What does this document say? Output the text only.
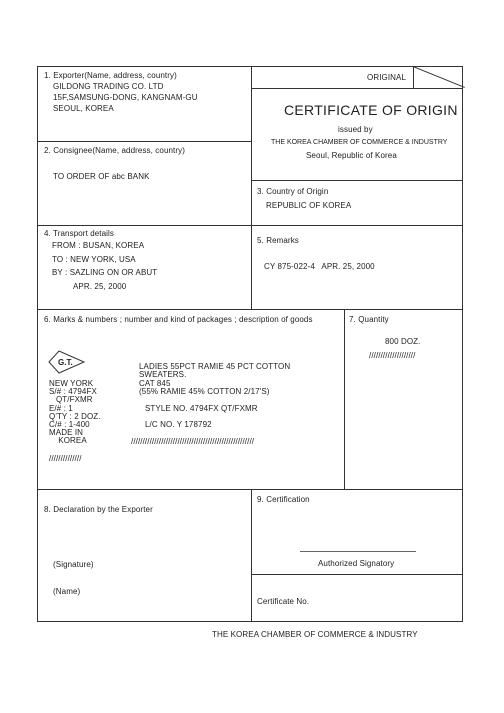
1. Exporter(Name, address, country)
GILDONG TRADING CO. LTD
15F,SAMSUNG-DONG, KANGNAM-GU
SEOUL, KOREA
ORIGINAL
CERTIFICATE OF ORIGIN
issued by
THE KOREA CHAMBER OF COMMERCE & INDUSTRY
Seoul, Republic of Korea
2. Consignee(Name, address, country)
TO ORDER OF abc BANK
3. Country of Origin
REPUBLIC OF KOREA
4. Transport details
FROM : BUSAN, KOREA
TO : NEW YORK, USA
BY : SAZLING ON OR ABUT
APR. 25, 2000
5. Remarks
CY 875-022-4   APR. 25, 2000
6. Marks & numbers ; number and kind of packages ; description of goods
G.T.
NEW YORK
S/# : 4794FX
QT/FXMR
E/# : 1
Q'TY : 2 DOZ.
C/# : 1-400
MADE IN
KOREA
//////////////
LADIES 55PCT RAMIE 45 PCT COTTON
SWEATERS.
CAT 845
(55% RAMIE 45% COTTON 2/17'S)
STYLE NO. 4794FX QT/FXMR
L/C NO. Y 178792
/////////////////////////////////////////////////////
7. Quantity
800 DOZ.
////////////////////
8. Declaration by the Exporter
(Signature)
(Name)
9. Certification
Authorized Signatory
Certificate No.
THE KOREA CHAMBER OF COMMERCE & INDUSTRY
